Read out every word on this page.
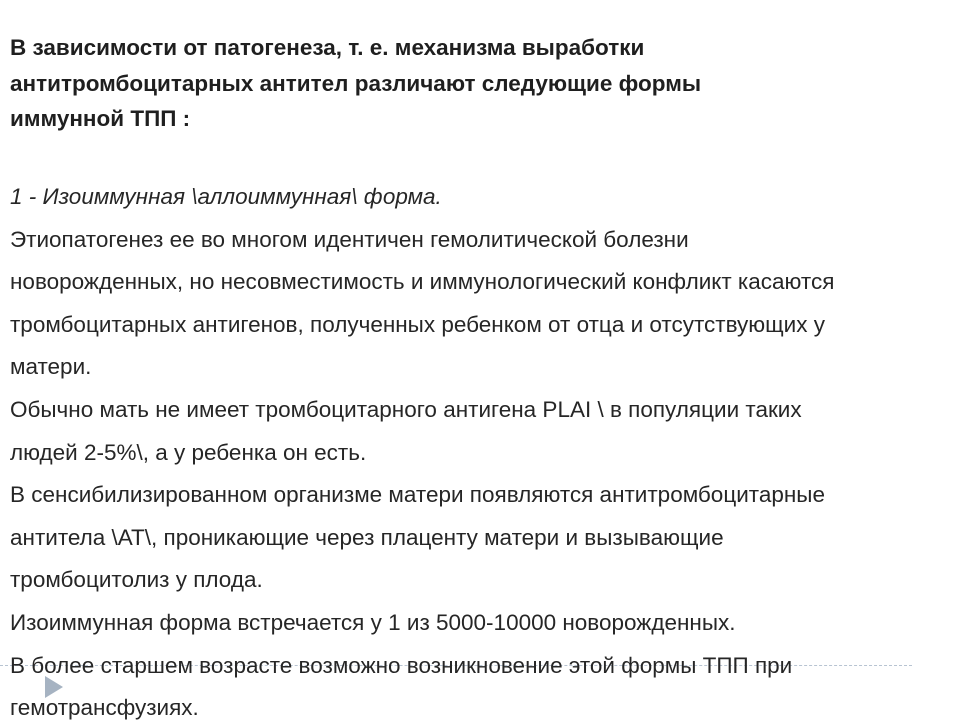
В зависимости от патогенеза, т. е. механизма выработки
антитромбоцитарных антител различают следующие формы
иммунной ТПП :
1 - Изоиммунная \аллоиммунная\ форма.
Этиопатогенез ее во многом идентичен гемолитической болезни
новорожденных, но несовместимость и иммунологический конфликт касаются
тромбоцитарных антигенов, полученных ребенком от отца и отсутствующих у
матери.
Обычно мать не имеет тромбоцитарного антигена PLAI \ в популяции таких
людей 2-5%\, а у ребенка он есть.
В сенсибилизированном организме матери появляются антитромбоцитарные
антитела \АТ\, проникающие через плаценту матери и вызывающие
тромбоцитолиз у плода.
Изоиммунная форма встречается у 1 из 5000-10000 новорожденных.
В более старшем возрасте возможно возникновение этой формы ТПП при
гемотрансфузиях.
